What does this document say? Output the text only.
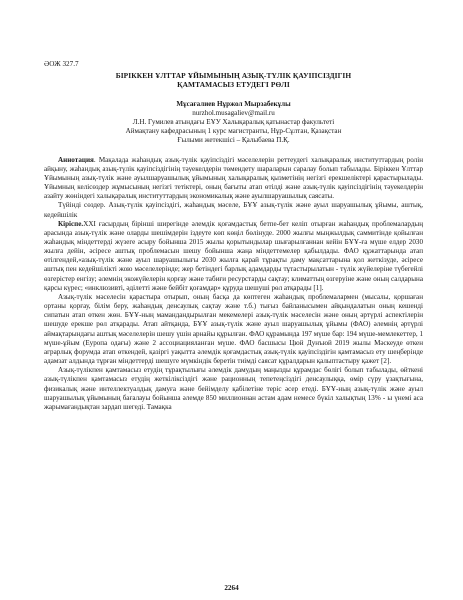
ӘОЖ 327.7
БІРІККЕН ҰЛТТАР ҰЙЫМЫНЫҢ АЗЫҚ-ТҮЛІК ҚАУІПСІЗДІГІН
ҚАМТАМАСЫЗ ЕТУДЕГІ РӨЛІ

Мұсағалиев Нұржол Мырзабекұлы

nurzhol.musagaliev@mail.ru

Л.Н. Гумилев атындағы ЕҰУ Халықаралық қатынастар факультеті

Аймақтану кафедрасының 1 курс магистранты, Нұр-Сұлтан, Қазақстан

Ғылыми жетекшісі – Қалыбаева П.Қ.

Аннотация. Мақалада жаһандық азық-түлік қауіпсіздігі мәселелерін реттеудегі халықаралық институттардың ролін айқыну, жаһандық азық-түлік қауіпсіздігінің тәуекелдерін төмендету шараларын саралау болып табылады. Біріккен Ұлттар Ұйымының азық-түлік және ауылшаруашылық ұйымының халықаралық қызметінің негізгі ерекшеліктері қарастырылады. Ұйымның келісөздер жұмысының негізгі тетіктері, оның бағыты атап өтілді және азық-түлік қауіпсіздігінің тәуекелдерін азайту жөніндегі халықаралық институттардың экономикалық және ауылшаруашылық саясаты.

Түйінді сөздер. Азық-түлік қауіпсіздігі, жаһандық мәселе, БҰҰ азық-түлік және ауыл шаруашылық ұйымы, аштық, кедейшілік

Кіріспе.XXI ғасырдың бірінші ширегінде әлемдік қоғамдастық бетпе-бет келіп отырған жаһандық проблемалардың арасында азық-түлік және оларды шешімдерін іздеуте көп көңіл бөлінуде. 2000 жылғы мыңжылдық саммитінде қойылған жаһандық міндеттерді жүзеге асыру бойынша 2015 жылы қорытындылар шығарылғаннан кейін БҰҰ-ға мүше елдер 2030 жылға дейін, әсіресе аштық проблемасын шешу бойынша жаңа міндеттемелер қабылдады. ФАО құжаттарында атап өтілгендей,«азық-түлік және ауыл шаруашылығы 2030 жылға қарай тұрақты даму мақсаттарына қол жеткізуде, әсіресе аштық пен кедейшілікті жою мәселелерінде; жер бетіндегі барлық адамдарды тұтастырылатын - түлік жүйелеріне түбегейлі өзгерістер енгізу; әлемнің экожүйелерін қорғау және табиғи ресурстарды сақтау; климаттың өзгеруіне және оның салдарына қарсы күрес; «инклюзивті, әділетті және бейбіт қоғамдар» құруда шешуші рөл атқарады [1].

Азық-түлік мәселесін қарастыра отырып, оның басқа да көптеген жаһандық проблемалармен (мысалы, қоршаған ортаны қорғау, білім беру, жаһандық денсаулық сақтау және т.б.) тығыз байланысымен айқындалатын оның кешенді сипатын атап өткен жөн. БҰҰ-ның мамандандырылған мекемелері азық-түлік мәселесін және оның әртүрлі аспектілерін шешуде ерекше рөл атқарады. Атап айтқанда, БҰҰ азық-түлік және ауыл шаруашылық ұйымы (ФАО) әлемнің әртүрлі аймақтарындағы аштық мәселелерін шешу үшін арнайы құрылған. ФАО құрамында 197 мүше бар: 194 мүше-мемлекеттер, 1 мүше-ұйым (Еуропа одағы) және 2 ассоциацияланған мүше. ФАО басшысы Цюй Дунъюй 2019 жылы Мәскеуде өткен аграрлық форумда атап өткендей, қазіргі уақытта әлемдік қоғамдастық азық-түлік қауіпсіздігін қамтамасыз ету шеңберінде адамзат алдында тұрған міндеттерді шешуге мүмкіндік беретін тиімді саясат құралдарын қалыптастыру қажет [2].

Азық-түлікпен қамтамасыз етудің тұрақтылығы әлемдік дамудың маңызды құрамдас бөлігі болып табылады, өйткені азық-түлікпен қамтамасыз етудің жеткіліксіздігі және рационның тепетеңсіздігі денсаулыққа, өмір сүру ұзақтығына, физикалық және интеллектуалдық дамуға және бейімделу қабілетіне теріс әсер етеді. БҰҰ-ның азық-түлік және ауыл шаруашылық ұйымының бағалауы бойынша әлемде 850 миллионнан астам адам немесе бүкіл халықтың 13% - ы үнемі аса жарымағандықтан зардап шегеді. Тамақка

2264
